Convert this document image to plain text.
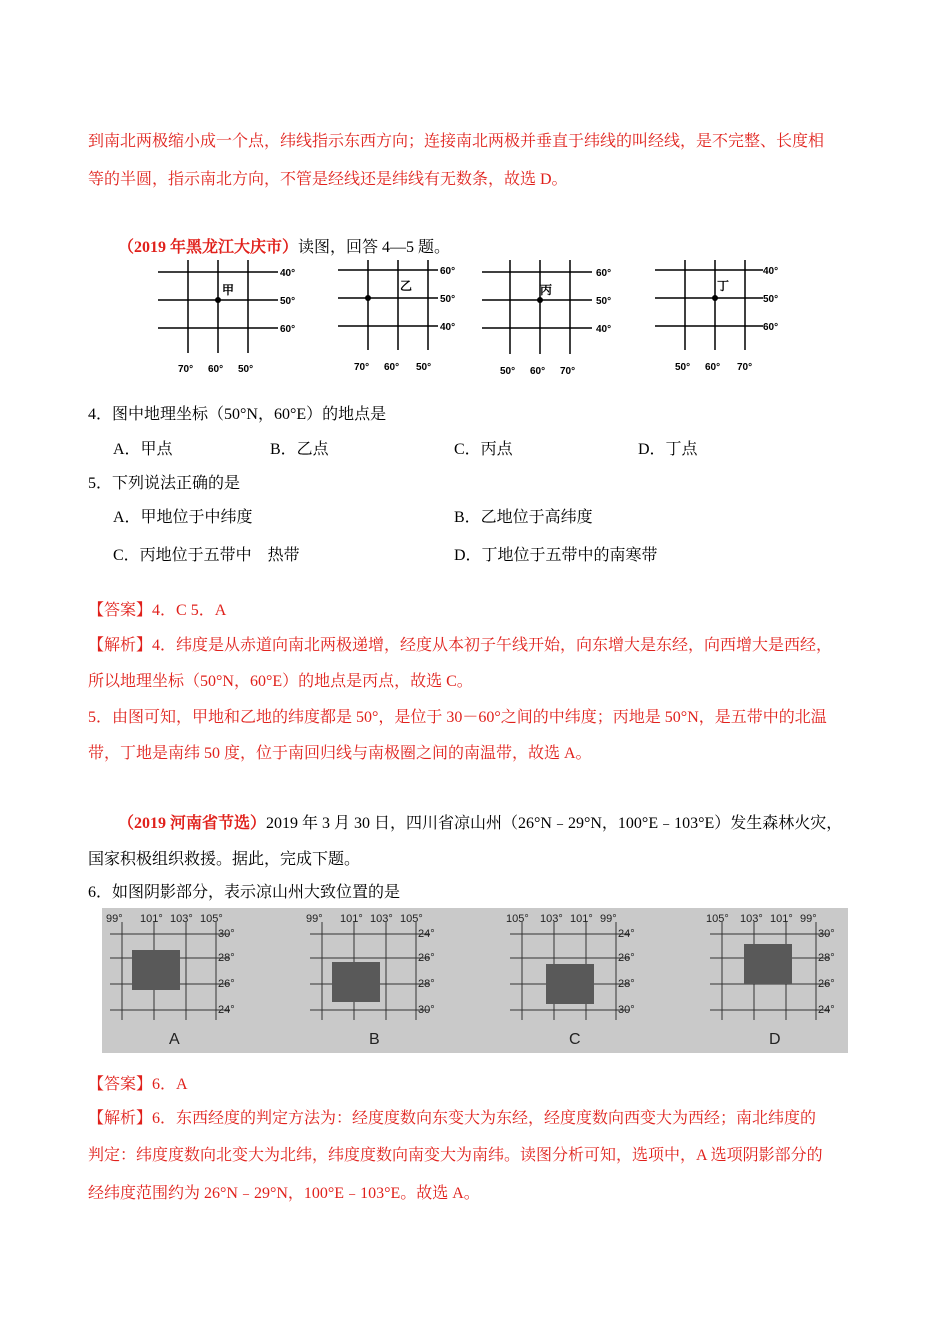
到南北两极缩小成一个点，纬线指示东西方向；连接南北两极并垂直于纬线的叫经线，是不完整、长度相
等的半圆，指示南北方向，不管是经线还是纬线有无数条，故选 D。
（2019 年黑龙江大庆市）读图，回答 4—5 题。
甲
40°
50°
60°
70° 60° 50°
乙
60°
50°
40°
70° 60° 50°
丙
60°
50°
40°
50° 60° 70°
丁
40°
50°
60°
50° 60° 70°
4．图中地理坐标（50°N，60°E）的地点是
A．甲点	B．乙点	C．丙点	D．丁点
5．下列说法正确的是
A．甲地位于中纬度	B．乙地位于高纬度
C．丙地位于五带中　热带	D．丁地位于五带中的南寒带
【答案】4．C 5．A
【解析】4．纬度是从赤道向南北两极递增，经度从本初子午线开始，向东增大是东经，向西增大是西经，
所以地理坐标（50°N，60°E）的地点是丙点，故选 C。
5．由图可知，甲地和乙地的纬度都是 50°，是位于 30－60°之间的中纬度；丙地是 50°N，是五带中的北温
带，丁地是南纬 50 度，位于南回归线与南极圈之间的南温带，故选 A。
（2019 河南省节选）2019 年 3 月 30 日，四川省凉山州（26°N﹣29°N，100°E﹣103°E）发生森林火灾，
国家积极组织救援。据此，完成下题。
6．如图阴影部分，表示凉山州大致位置的是
99° 101° 103° 105°
30°
28°
26°
24°
A
99° 101° 103° 105°
24°
26°
28°
30°
B
105° 103° 101° 99°
24°
26°
28°
30°
C
105° 103° 101° 99°
30°
28°
26°
24°
D
【答案】6．A
【解析】6．东西经度的判定方法为：经度度数向东变大为东经，经度度数向西变大为西经；南北纬度的
判定：纬度度数向北变大为北纬，纬度度数向南变大为南纬。读图分析可知，选项中，A 选项阴影部分的
经纬度范围约为 26°N﹣29°N，100°E﹣103°E。故选 A。
